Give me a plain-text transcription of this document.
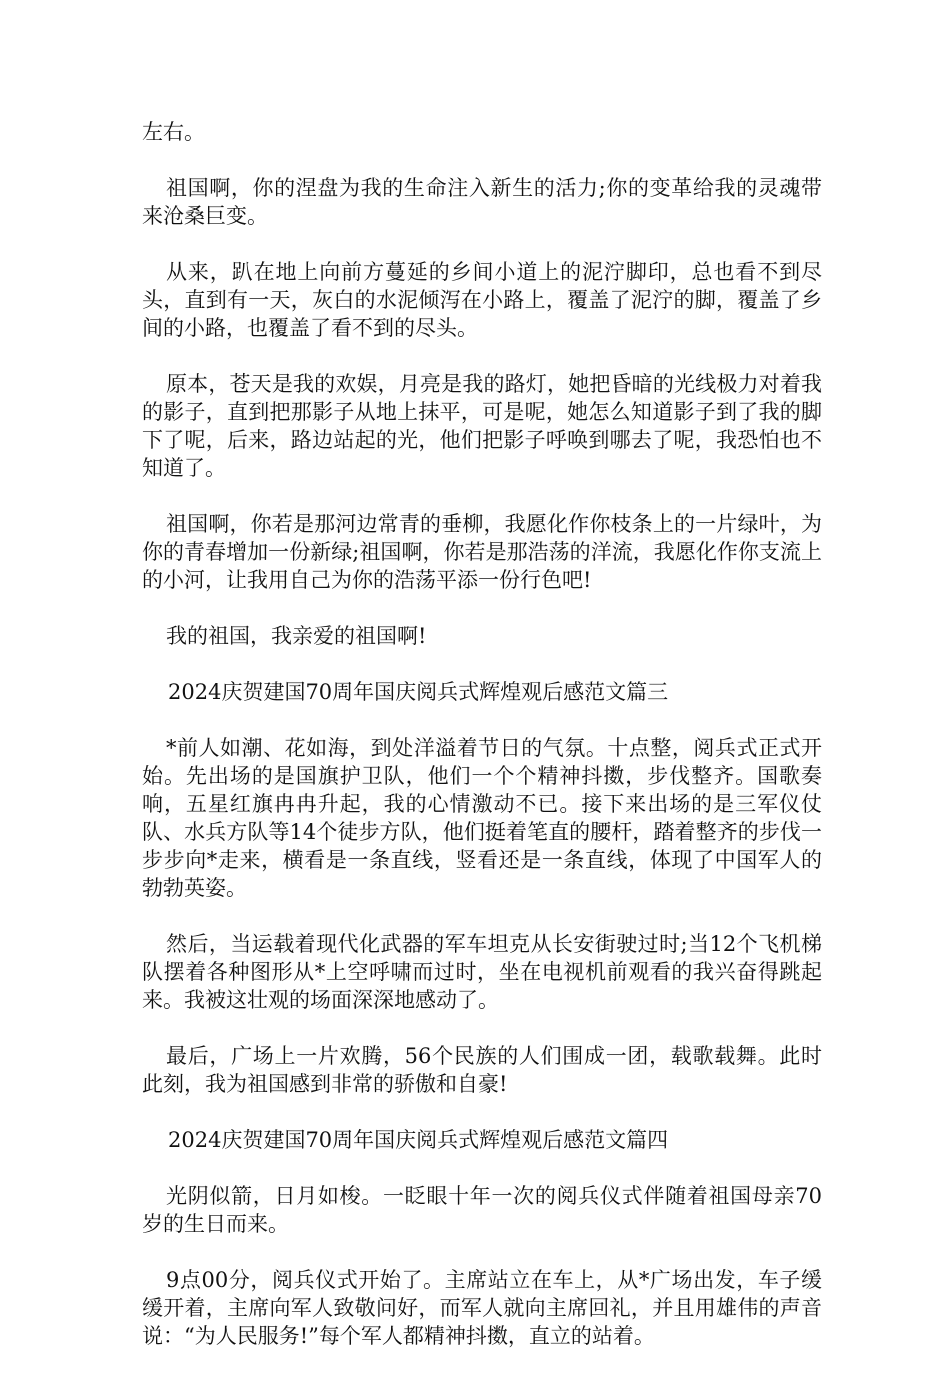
左右。

祖国啊，你的涅盘为我的生命注入新生的活力;你的变革给我的灵魂带来沧桑巨变。

从来，趴在地上向前方蔓延的乡间小道上的泥泞脚印，总也看不到尽头，直到有一天，灰白的水泥倾泻在小路上，覆盖了泥泞的脚，覆盖了乡间的小路，也覆盖了看不到的尽头。

原本，苍天是我的欢娱，月亮是我的路灯，她把昏暗的光线极力对着我的影子，直到把那影子从地上抹平，可是呢，她怎么知道影子到了我的脚下了呢，后来，路边站起的光，他们把影子呼唤到哪去了呢，我恐怕也不知道了。

祖国啊，你若是那河边常青的垂柳，我愿化作你枝条上的一片绿叶，为你的青春增加一份新绿;祖国啊，你若是那浩荡的洋流，我愿化作你支流上的小河，让我用自己为你的浩荡平添一份行色吧!

我的祖国，我亲爱的祖国啊!

2024庆贺建国70周年国庆阅兵式辉煌观后感范文篇三

*前人如潮、花如海，到处洋溢着节日的气氛。十点整，阅兵式正式开始。先出场的是国旗护卫队，他们一个个精神抖擞，步伐整齐。国歌奏响，五星红旗冉冉升起，我的心情激动不已。接下来出场的是三军仪仗队、水兵方队等14个徒步方队，他们挺着笔直的腰杆，踏着整齐的步伐一步步向*走来，横看是一条直线，竖看还是一条直线，体现了中国军人的勃勃英姿。

然后，当运载着现代化武器的军车坦克从长安街驶过时;当12个飞机梯队摆着各种图形从*上空呼啸而过时，坐在电视机前观看的我兴奋得跳起来。我被这壮观的场面深深地感动了。

最后，广场上一片欢腾，56个民族的人们围成一团，载歌载舞。此时此刻，我为祖国感到非常的骄傲和自豪!

2024庆贺建国70周年国庆阅兵式辉煌观后感范文篇四

光阴似箭，日月如梭。一眨眼十年一次的阅兵仪式伴随着祖国母亲70岁的生日而来。

9点00分，阅兵仪式开始了。主席站立在车上，从*广场出发，车子缓缓开着，主席向军人致敬问好，而军人就向主席回礼，并且用雄伟的声音说：“为人民服务!”每个军人都精神抖擞，直立的站着。
